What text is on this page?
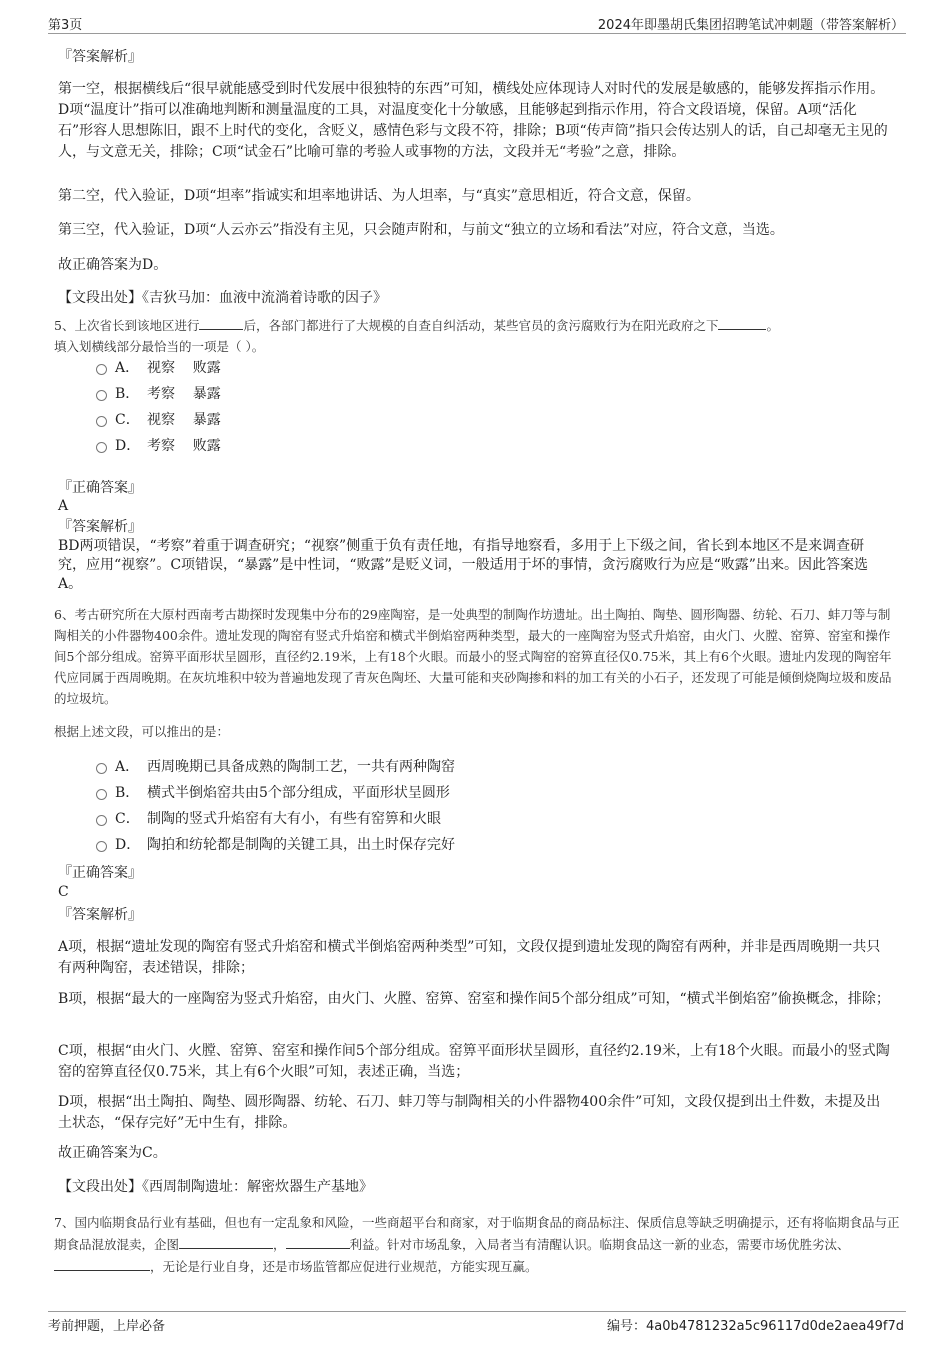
第3页	2024年即墨胡氏集团招聘笔试冲刺题（带答案解析）
『答案解析』
第一空，根据横线后“很早就能感受到时代发展中很独特的东西”可知，横线处应体现诗人对时代的发展是敏感的，能够发挥指示作用。D项“温度计”指可以准确地判断和测量温度的工具，对温度变化十分敏感，且能够起到指示作用，符合文段语境，保留。A项“活化石”形容人思想陈旧，跟不上时代的变化，含贬义，感情色彩与文段不符，排除；B项“传声筒”指只会传达别人的话，自己却毫无主见的人，与文意无关，排除；C项“试金石”比喻可靠的考验人或事物的方法，文段并无“考验”之意，排除。
第二空，代入验证，D项“坦率”指诚实和坦率地讲话、为人坦率，与“真实”意思相近，符合文意，保留。
第三空，代入验证，D项“人云亦云”指没有主见，只会随声附和，与前文“独立的立场和看法”对应，符合文意，当选。
故正确答案为D。
【文段出处】《吉狄马加：血液中流淌着诗歌的因子》
5、上次省长到该地区进行	后，各部门都进行了大规模的自查自纠活动，某些官员的贪污腐败行为在阳光政府之下	。
填入划横线部分最恰当的一项是（ ）。
A． 视察    败露
B． 考察    暴露
C． 视察    暴露
D． 考察    败露
『正确答案』
A
『答案解析』
BD两项错误，“考察”着重于调查研究；“视察”侧重于负有责任地，有指导地察看，多用于上下级之间，省长到本地区不是来调查研究，应用“视察”。C项错误，“暴露”是中性词，“败露”是贬义词，一般适用于坏的事情，贪污腐败行为应是“败露”出来。因此答案选A。
6、考古研究所在大原村西南考古勘探时发现集中分布的29座陶窑，是一处典型的制陶作坊遗址。出土陶拍、陶垫、圆形陶器、纺轮、石刀、蚌刀等与制陶相关的小件器物400余件。遗址发现的陶窑有竖式升焰窑和横式半倒焰窑两种类型，最大的一座陶窑为竖式升焰窑，由火门、火膛、窑箅、窑室和操作间5个部分组成。窑箅平面形状呈圆形，直径约2.19米，上有18个火眼。而最小的竖式陶窑的窑箅直径仅0.75米，其上有6个火眼。遗址内发现的陶窑年代应同属于西周晚期。在灰坑堆积中较为普遍地发现了青灰色陶坯、大量可能和夹砂陶掺和料的加工有关的小石子，还发现了可能是倾倒烧陶垃圾和废品的垃圾坑。
根据上述文段，可以推出的是：
A． 西周晚期已具备成熟的陶制工艺，一共有两种陶窑
B． 横式半倒焰窑共由5个部分组成，平面形状呈圆形
C． 制陶的竖式升焰窑有大有小，有些有窑箅和火眼
D． 陶拍和纺轮都是制陶的关键工具，出土时保存完好
『正确答案』
C
『答案解析』
A项，根据“遗址发现的陶窑有竖式升焰窑和横式半倒焰窑两种类型”可知，文段仅提到遗址发现的陶窑有两种，并非是西周晚期一共只有两种陶窑，表述错误，排除；
B项，根据“最大的一座陶窑为竖式升焰窑，由火门、火膛、窑箅、窑室和操作间5个部分组成”可知，“横式半倒焰窑”偷换概念，排除；
C项，根据“由火门、火膛、窑箅、窑室和操作间5个部分组成。窑箅平面形状呈圆形，直径约2.19米，上有18个火眼。而最小的竖式陶窑的窑箅直径仅0.75米，其上有6个火眼”可知，表述正确，当选；
D项，根据“出土陶拍、陶垫、圆形陶器、纺轮、石刀、蚌刀等与制陶相关的小件器物400余件”可知，文段仅提到出土件数，未提及出土状态，“保存完好”无中生有，排除。
故正确答案为C。
【文段出处】《西周制陶遗址：解密炊器生产基地》
7、国内临期食品行业有基础，但也有一定乱象和风险，一些商超平台和商家，对于临期食品的商品标注、保质信息等缺乏明确提示，还有将临期食品与正期食品混放混卖，企图	，	利益。针对市场乱象，入局者当有清醒认识。临期食品这一新的业态，需要市场优胜劣汰、，无论是行业自身，还是市场监管都应促进行业规范，方能实现互赢。
考前押题，上岸必备	编号：4a0b4781232a5c96117d0de2aea49f7d
